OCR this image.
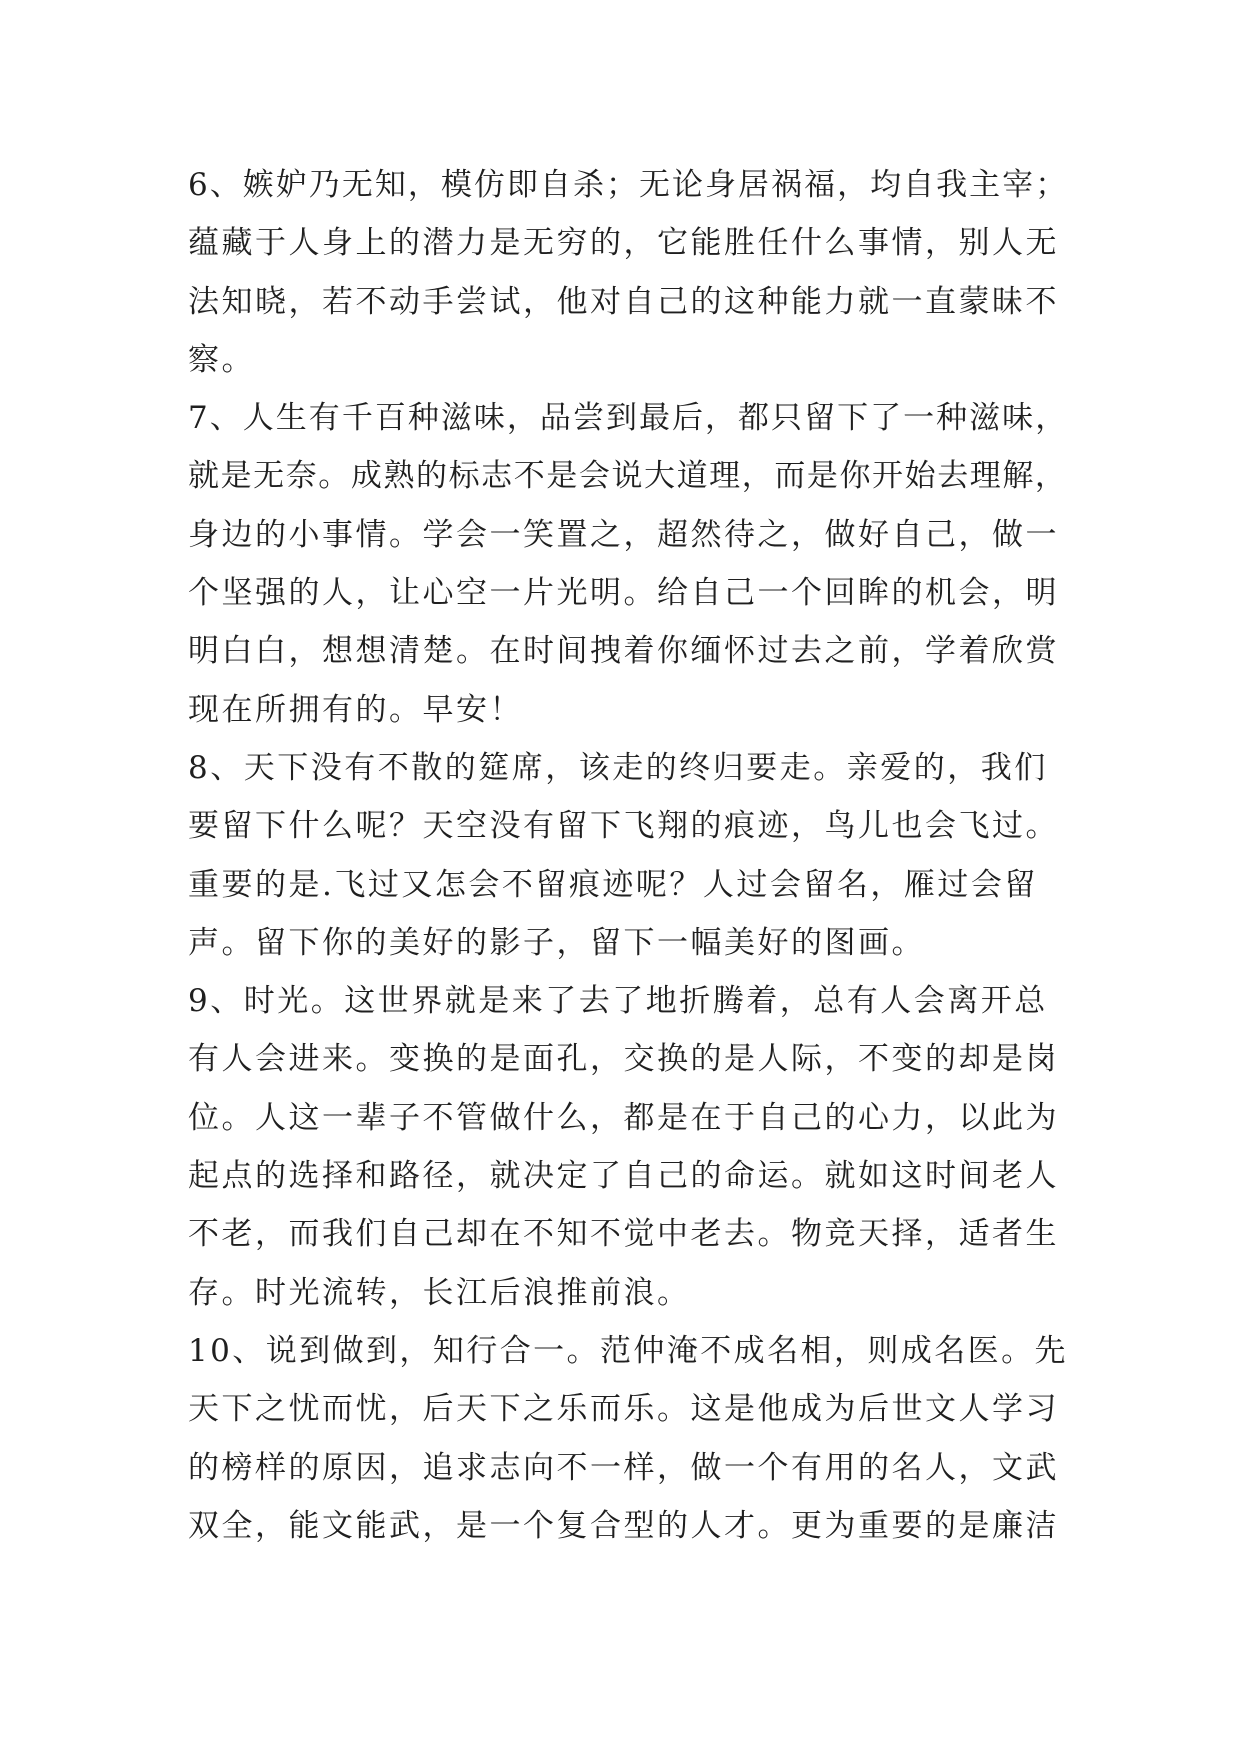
6、嫉妒乃无知，模仿即自杀；无论身居祸福，均自我主宰；
蕴藏于人身上的潜力是无穷的，它能胜任什么事情，别人无
法知晓，若不动手尝试，他对自己的这种能力就一直蒙昧不
察。
7、人生有千百种滋味，品尝到最后，都只留下了一种滋味，
就是无奈。成熟的标志不是会说大道理，而是你开始去理解，
身边的小事情。学会一笑置之，超然待之，做好自己，做一
个坚强的人，让心空一片光明。给自己一个回眸的机会，明
明白白，想想清楚。在时间拽着你缅怀过去之前，学着欣赏
现在所拥有的。早安！
8、天下没有不散的筵席，该走的终归要走。亲爱的，我们
要留下什么呢？天空没有留下飞翔的痕迹，鸟儿也会飞过。
重要的是.飞过又怎会不留痕迹呢？人过会留名，雁过会留
声。留下你的美好的影子，留下一幅美好的图画。
9、时光。这世界就是来了去了地折腾着，总有人会离开总
有人会进来。变换的是面孔，交换的是人际，不变的却是岗
位。人这一辈子不管做什么，都是在于自己的心力，以此为
起点的选择和路径，就决定了自己的命运。就如这时间老人
不老，而我们自己却在不知不觉中老去。物竞天择，适者生
存。时光流转，长江后浪推前浪。
10、说到做到，知行合一。范仲淹不成名相，则成名医。先
天下之忧而忧，后天下之乐而乐。这是他成为后世文人学习
的榜样的原因，追求志向不一样，做一个有用的名人，文武
双全，能文能武，是一个复合型的人才。更为重要的是廉洁
